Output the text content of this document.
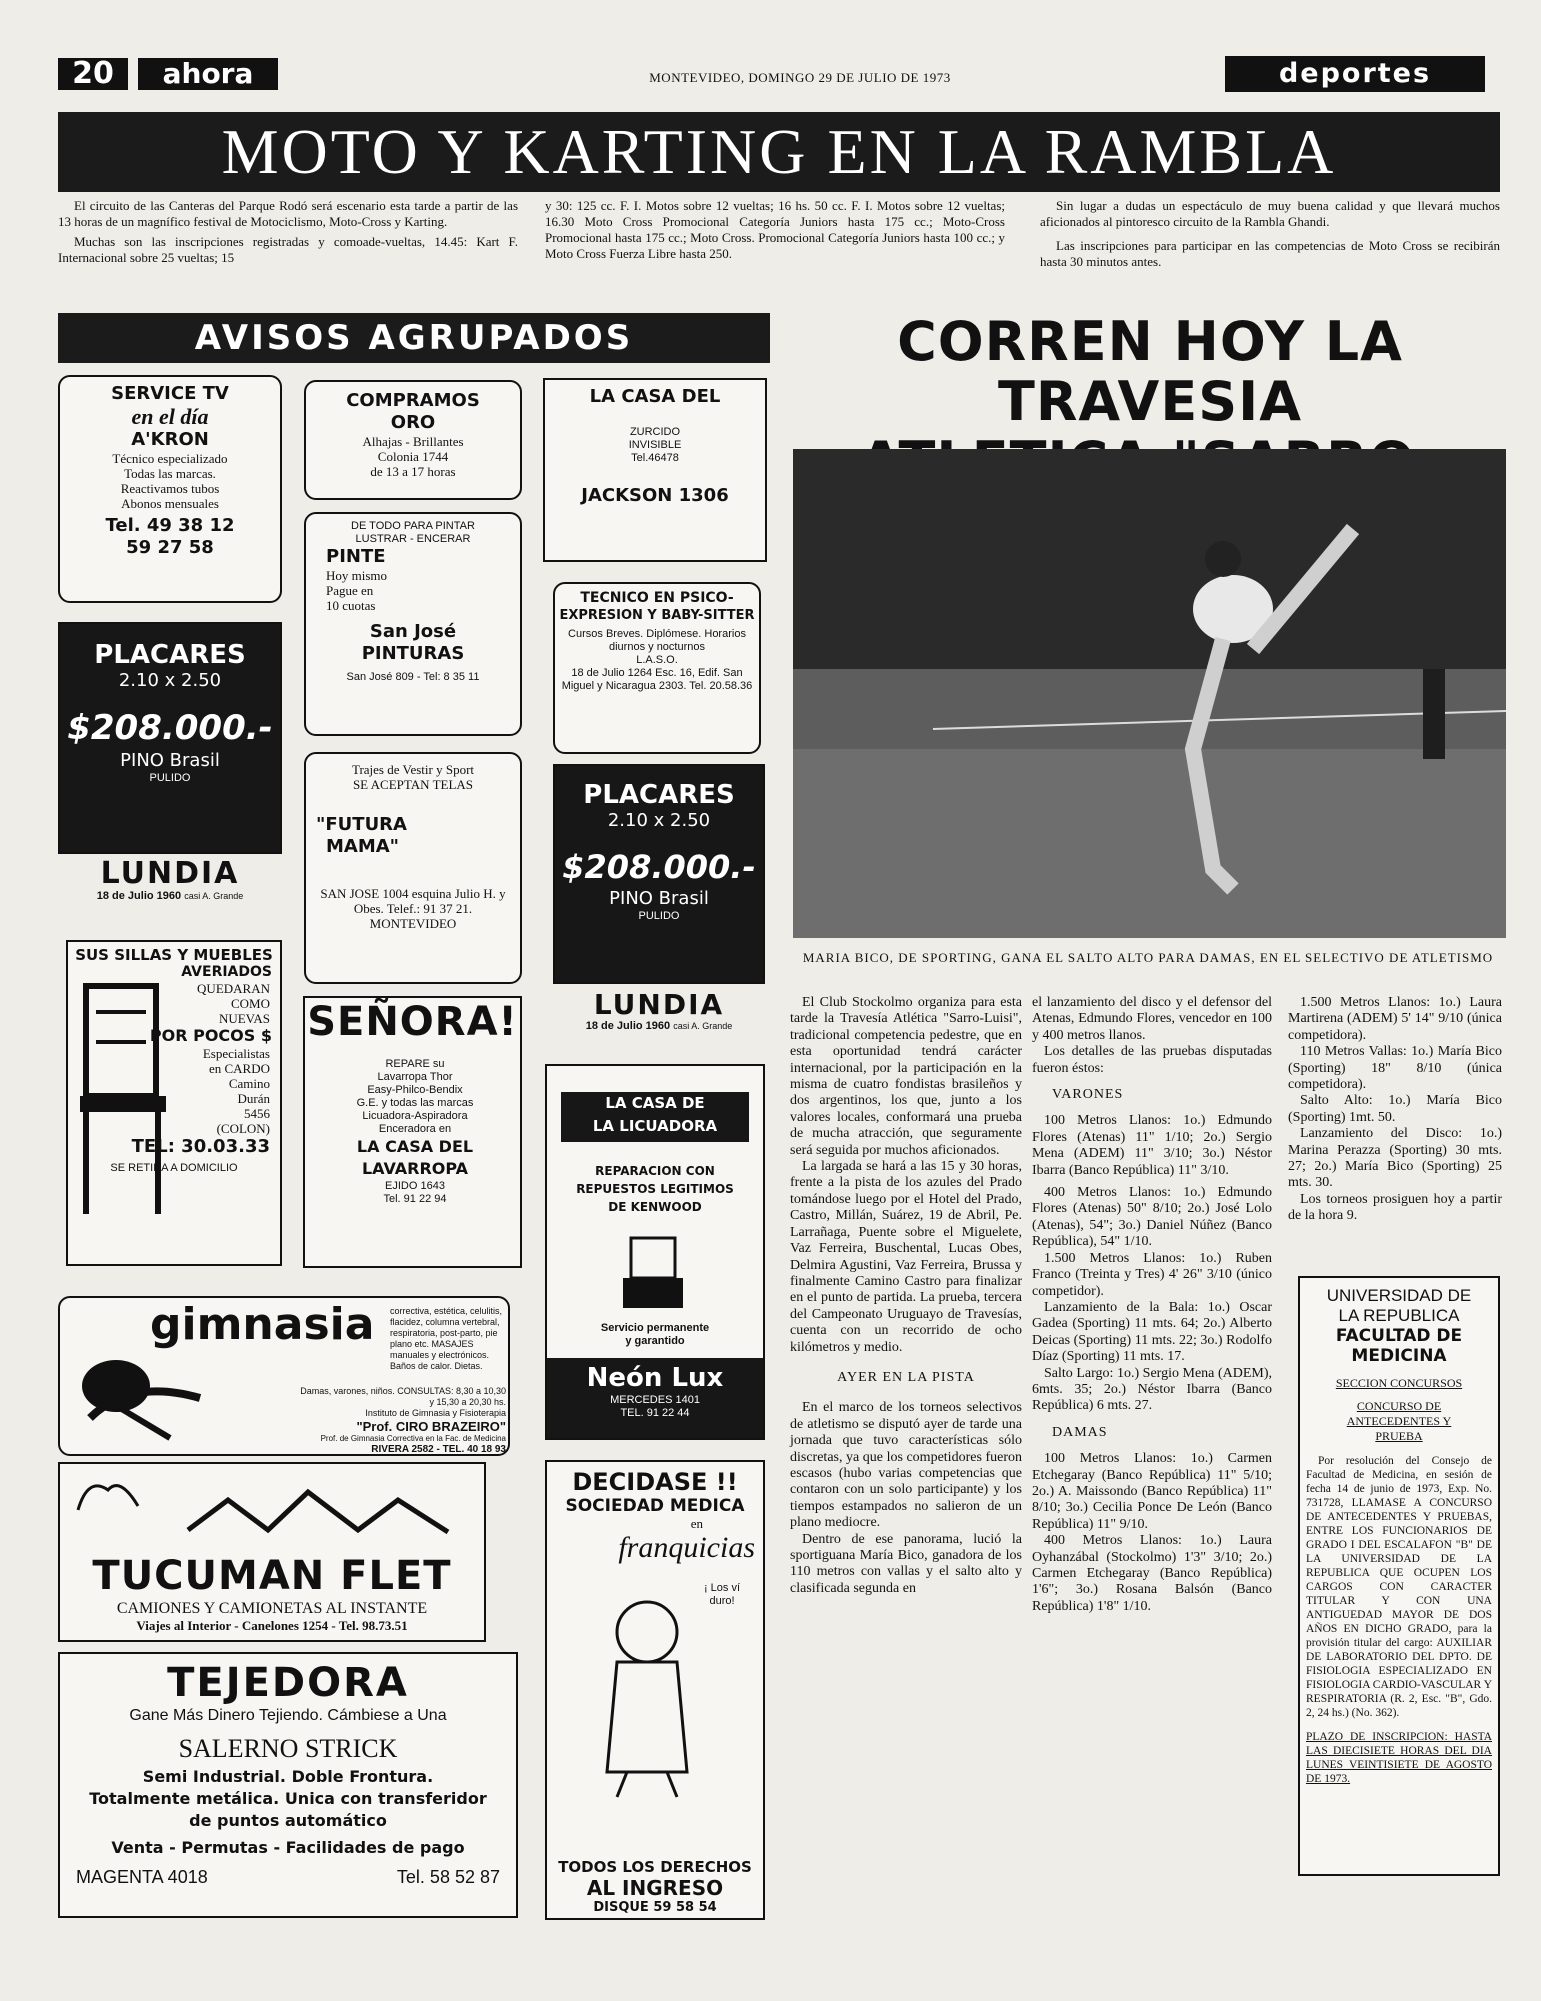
20	ahora	MONTEVIDEO, DOMINGO 29 DE JULIO DE 1973	deportes
MOTO Y KARTING EN LA RAMBLA

El circuito de las Canteras del Parque Rodó será escenario esta tarde a partir de las 13 horas de un magnífico festival de Motociclismo, Moto-Cross y Karting.

Muchas son las inscripciones registradas y comoade-vueltas, 14.45: Kart F. Internacional sobre 25 vueltas; 15

y 30: 125 cc. F. I. Motos sobre 12 vueltas; 16 hs. 50 cc. F. I. Motos sobre 12 vueltas; 16.30 Moto Cross Promocional Categoría Juniors hasta 175 cc.; Moto-Cross Promocional hasta 175 cc.; Moto Cross. Promocional Categoría Juniors hasta 100 cc.; y Moto Cross Fuerza Libre hasta 250.

Sin lugar a dudas un espectáculo de muy buena calidad y que llevará muchos aficionados al pintoresco circuito de la Rambla Ghandi.

Las inscripciones para participar en las competencias de Moto Cross se recibirán hasta 30 minutos antes.

AVISOS AGRUPADOS
SERVICE TV
en el día
A'KRON
Técnico especializado
Todas las marcas.
Reactivamos tubos
Abonos mensuales
Tel. 49 38 12
59 27 58
COMPRAMOS
ORO
Alhajas - Brillantes
Colonia 1744
de 13 a 17 horas
LA CASA DEL
ZURCIDO
INVISIBLE
Tel.46478
JACKSON 1306
DE TODO PARA PINTAR
LUSTRAR - ENCERAR
PINTE
Hoy mismo
Pague en
10 cuotas
San José
PINTURAS
San José 809 - Tel: 8 35 11
TECNICO EN PSICO-
EXPRESION Y BABY-SITTER
Cursos Breves. Diplómese. Horarios diurnos y nocturnos
L.A.S.O.
18 de Julio 1264 Esc. 16, Edif. San Miguel y Nicaragua 2303. Tel. 20.58.36
PLACARES
2.10 x 2.50
$208.000.-
PINO Brasil
PULIDO
LUNDIA
18 de Julio 1960 casi A. Grande
Trajes de Vestir y Sport
SE ACEPTAN TELAS
"FUTURA
MAMA"
SAN JOSE 1004 esquina Julio H. y Obes. Telef.: 91 37 21. MONTEVIDEO
PLACARES
2.10 x 2.50
$208.000.-
PINO Brasil
PULIDO
LUNDIA
18 de Julio 1960 casi A. Grande
SUS SILLAS Y MUEBLES
AVERIADOS
QUEDARAN
COMO
NUEVAS
POR POCOS $
Especialistas
en CARDO
Camino
Durán
5456
(COLON)
TEL: 30.03.33
SE RETIRA A DOMICILIO
SEÑORA!
REPARE su
Lavarropa Thor
Easy-Philco-Bendix
G.E. y todas las marcas
Licuadora-Aspiradora
Enceradora en
LA CASA DEL
LAVARROPA
EJIDO 1643
Tel. 91 22 94
LA CASA DE
LA LICUADORA
REPARACION CON
REPUESTOS LEGITIMOS
DE KENWOOD
Servicio permanente
y garantido
Neón Lux
MERCEDES 1401
TEL. 91 22 44
gimnasia correctiva, estética, celulitis, flacidez, columna vertebral, respiratoria, post-parto, pie plano etc. MASAJES manuales y electrónicos. Baños de calor. Dietas.
Damas, varones, niños. CONSULTAS: 8,30 a 10,30
y 15,30 a 20,30 hs.
Instituto de Gimnasia y Fisioterapia
"Prof. CIRO BRAZEIRO"
Prof. de Gimnasia Correctiva en la Fac. de Medicina
RIVERA 2582 - TEL. 40 18 93
TUCUMAN FLET
CAMIONES Y CAMIONETAS AL INSTANTE
Viajes al Interior - Canelones 1254 - Tel. 98.73.51
TEJEDORA
Gane Más Dinero Tejiendo. Cámbiese a Una
SALERNO STRICK
Semi Industrial. Doble Frontura.
Totalmente metálica. Unica con transferidor
de puntos automático
Venta - Permutas - Facilidades de pago
MAGENTA 4018	Tel. 58 52 87
DECIDASE !!
SOCIEDAD MEDICA
en
franquicias
¡ Los ví duro!
TODOS LOS DERECHOS
AL INGRESO
DISQUE 59 58 54
CORREN HOY LA TRAVESIA
MARIA BICO, DE SPORTING, GANA EL SALTO ALTO PARA DAMAS, EN EL SELECTIVO DE ATLETISMO

El Club Stockolmo organiza para esta tarde la Travesía Atlética "Sarro-Luisi", tradicional competencia pedestre, que en esta oportunidad tendrá carácter internacional, por la participación en la misma de cuatro fondistas brasileños y dos argentinos, los que, junto a los valores locales, conformará una prueba de mucha atracción, que seguramente será seguida por muchos aficionados.

La largada se hará a las 15 y 30 horas, frente a la pista de los azules del Prado tomándose luego por el Hotel del Prado, Castro, Millán, Suárez, 19 de Abril, Pe. Larrañaga, Puente sobre el Miguelete, Vaz Ferreira, Buschental, Lucas Obes, Delmira Agustini, Vaz Ferreira, Brussa y finalmente Camino Castro para finalizar en el punto de partida. La prueba, tercera del Campeonato Uruguayo de Travesías, cuenta con un recorrido de ocho kilómetros y medio.

AYER EN LA PISTA

En el marco de los torneos selectivos de atletismo se disputó ayer de tarde una jornada que tuvo características sólo discretas, ya que los competidores fueron escasos (hubo varias competencias que contaron con un solo participante) y los tiempos estampados no salieron de un plano mediocre.

Dentro de ese panorama, lució la sportiguana María Bico, ganadora de los 110 metros con vallas y el salto alto y clasificada segunda en

el lanzamiento del disco y el defensor del Atenas, Edmundo Flores, vencedor en 100 y 400 metros llanos.

Los detalles de las pruebas disputadas fueron éstos:

VARONES

100 Metros Llanos: 1o.) Edmundo Flores (Atenas) 11" 1/10; 2o.) Sergio Mena (ADEM) 11" 3/10; 3o.) Néstor Ibarra (Banco República) 11" 3/10.

400 Metros Llanos: 1o.) Edmundo Flores (Atenas) 50" 8/10; 2o.) José Lolo (Atenas), 54"; 3o.) Daniel Núñez (Banco República), 54" 1/10.

1.500 Metros Llanos: 1o.) Ruben Franco (Treinta y Tres) 4' 26" 3/10 (único competidor).

Lanzamiento de la Bala: 1o.) Oscar Gadea (Sporting) 11 mts. 64; 2o.) Alberto Deicas (Sporting) 11 mts. 22; 3o.) Rodolfo Díaz (Sporting) 11 mts. 17.

Salto Largo: 1o.) Sergio Mena (ADEM), 6mts. 35; 2o.) Néstor Ibarra (Banco República) 6 mts. 27.

DAMAS

100 Metros Llanos: 1o.) Carmen Etchegaray (Banco República) 11" 5/10; 2o.) A. Maissondo (Banco República) 11" 8/10; 3o.) Cecilia Ponce De León (Banco República) 11" 9/10.

400 Metros Llanos: 1o.) Laura Oyhanzábal (Stockolmo) 1'3" 3/10; 2o.) Carmen Etchegaray (Banco República) 1'6"; 3o.) Rosana Balsón (Banco República) 1'8" 1/10.

1.500 Metros Llanos: 1o.) Laura Martirena (ADEM) 5' 14" 9/10 (única competidora).

110 Metros Vallas: 1o.) María Bico (Sporting) 18" 8/10 (única competidora).

Salto Alto: 1o.) María Bico (Sporting) 1mt. 50.

Lanzamiento del Disco: 1o.) Marina Perazza (Sporting) 30 mts. 27; 2o.) María Bico (Sporting) 25 mts. 30.

Los torneos prosiguen hoy a partir de la hora 9.

UNIVERSIDAD DE
LA REPUBLICA
FACULTAD DE
MEDICINA
SECCION CONCURSOS
CONCURSO DE ANTECEDENTES Y PRUEBA
Por resolución del Consejo de Facultad de Medicina, en sesión de fecha 14 de junio de 1973, Exp. No. 731728, LLAMASE A CONCURSO DE ANTECEDENTES Y PRUEBAS, ENTRE LOS FUNCIONARIOS DE GRADO I DEL ESCALAFON "B" DE LA UNIVERSIDAD DE LA REPUBLICA QUE OCUPEN LOS CARGOS CON CARACTER TITULAR Y CON UNA ANTIGUEDAD MAYOR DE DOS AÑOS EN DICHO GRADO, para la provisión titular del cargo: AUXILIAR DE LABORATORIO DEL DPTO. DE FISIOLOGIA ESPECIALIZADO EN FISIOLOGIA CARDIO-VASCULAR Y RESPIRATORIA (R. 2, Esc. "B", Gdo. 2, 24 hs.) (No. 362).
PLAZO DE INSCRIPCION: HASTA LAS DIECISIETE HORAS DEL DIA LUNES VEINTISIETE DE AGOSTO DE 1973.
